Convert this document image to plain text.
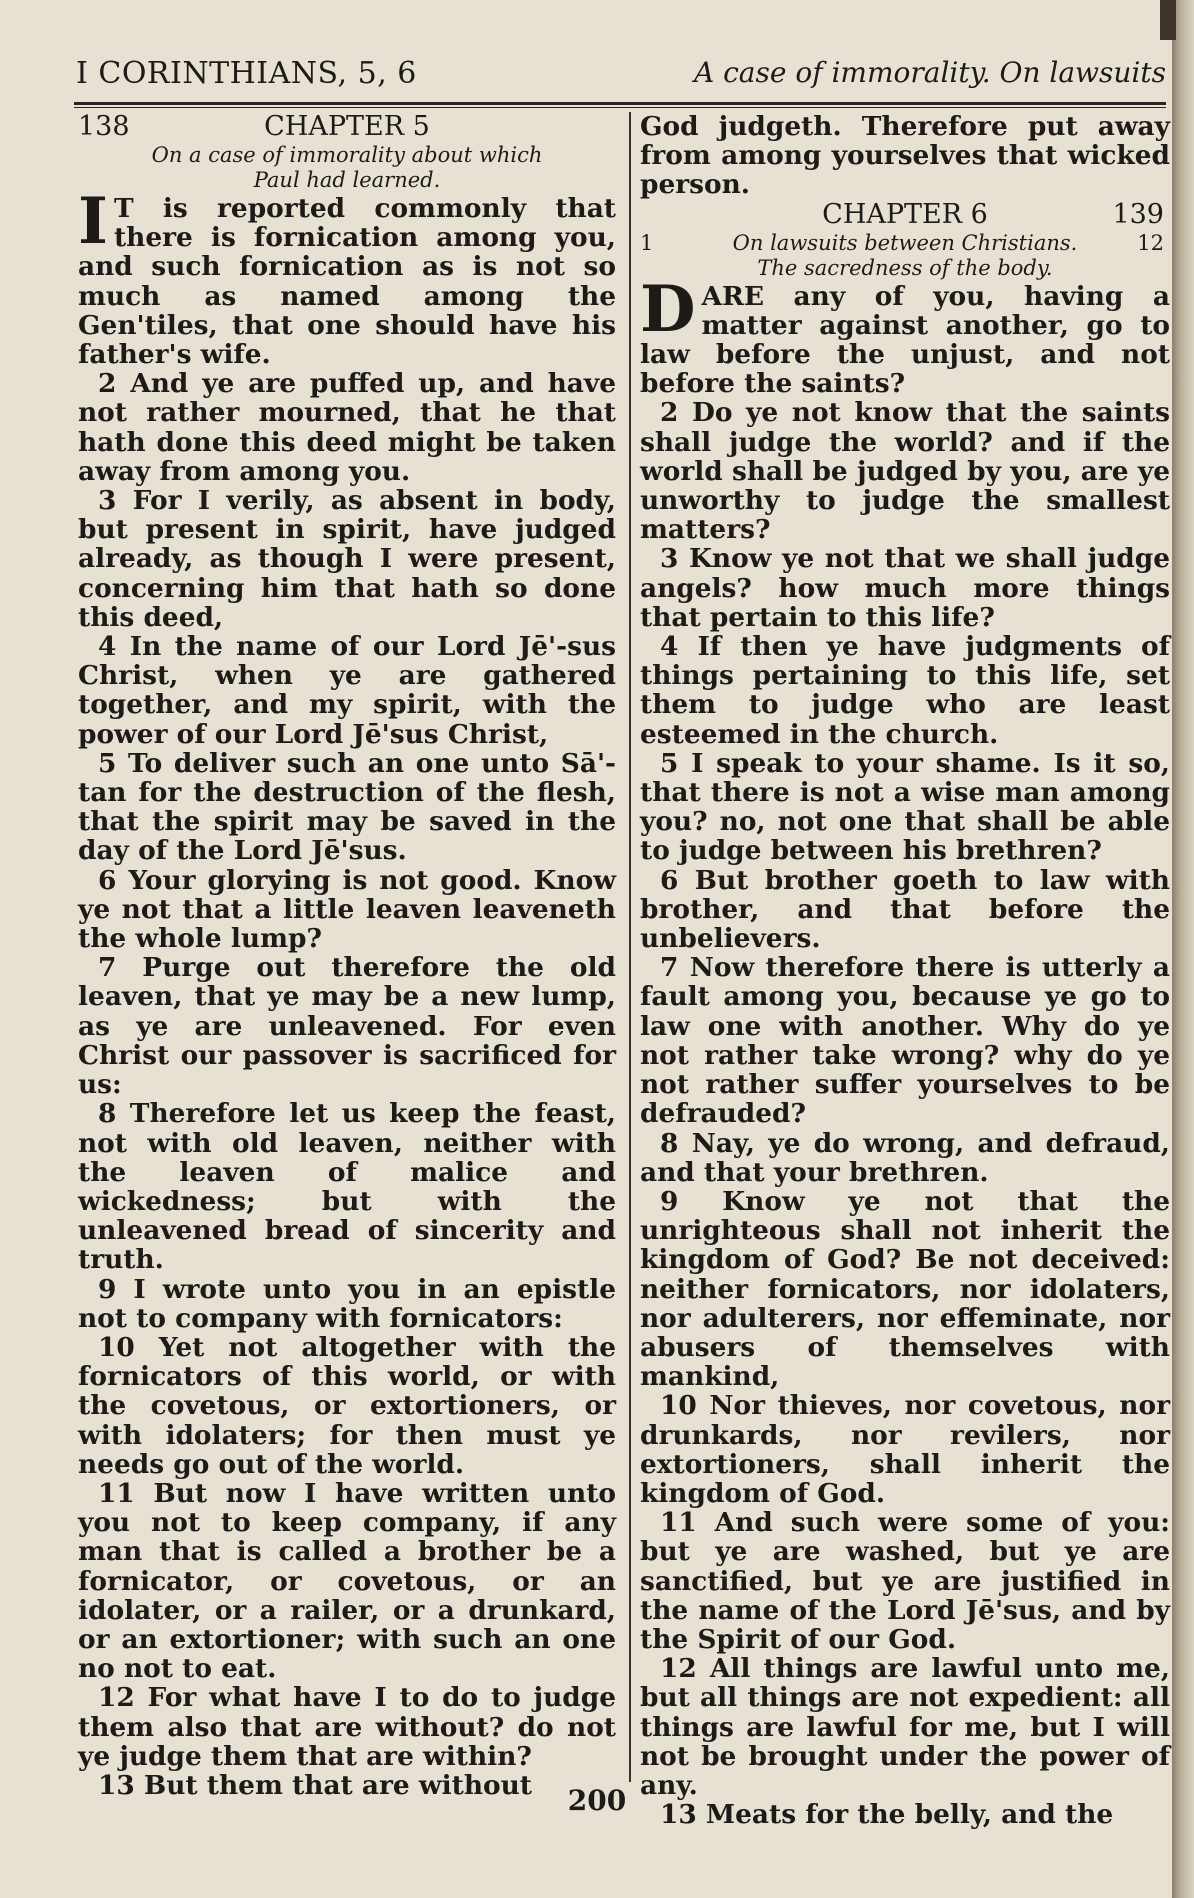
I CORINTHIANS, 5, 6	A case of immorality. On lawsuits
138	CHAPTER 5
On a case of immorality about which
Paul had learned.

I T is reported commonly that there is fornication among you, and such fornication as is not so much as named among the Gen'tiles, that one should have his father's wife.

2 And ye are puffed up, and have not rather mourned, that he that hath done this deed might be taken away from among you.

3 For I verily, as absent in body, but present in spirit, have judged already, as though I were present, concerning him that hath so done this deed,

4 In the name of our Lord Jē'-sus Christ, when ye are gathered together, and my spirit, with the power of our Lord Jē'sus Christ,

5 To deliver such an one unto Sā'-tan for the destruction of the flesh, that the spirit may be saved in the day of the Lord Jē'sus.

6 Your glorying is not good. Know ye not that a little leaven leaveneth the whole lump?

7 Purge out therefore the old leaven, that ye may be a new lump, as ye are unleavened. For even Christ our passover is sacrificed for us:

8 Therefore let us keep the feast, not with old leaven, neither with the leaven of malice and wickedness; but with the unleavened bread of sincerity and truth.

9 I wrote unto you in an epistle not to company with fornicators:

10 Yet not altogether with the fornicators of this world, or with the covetous, or extortioners, or with idolaters; for then must ye needs go out of the world.

11 But now I have written unto you not to keep company, if any man that is called a brother be a fornicator, or covetous, or an idolater, or a railer, or a drunkard, or an extortioner; with such an one no not to eat.

12 For what have I to do to judge them also that are without? do not ye judge them that are within?

13 But them that are without

God judgeth. Therefore put away from among yourselves that wicked person.

CHAPTER 6	139
1	On lawsuits between Christians.	12
The sacredness of the body.

DARE any of you, having a matter against another, go to law before the unjust, and not before the saints?

2 Do ye not know that the saints shall judge the world? and if the world shall be judged by you, are ye unworthy to judge the smallest matters?

3 Know ye not that we shall judge angels? how much more things that pertain to this life?

4 If then ye have judgments of things pertaining to this life, set them to judge who are least esteemed in the church.

5 I speak to your shame. Is it so, that there is not a wise man among you? no, not one that shall be able to judge between his brethren?

6 But brother goeth to law with brother, and that before the unbelievers.

7 Now therefore there is utterly a fault among you, because ye go to law one with another. Why do ye not rather take wrong? why do ye not rather suffer yourselves to be defrauded?

8 Nay, ye do wrong, and defraud, and that your brethren.

9 Know ye not that the unrighteous shall not inherit the kingdom of God? Be not deceived: neither fornicators, nor idolaters, nor adulterers, nor effeminate, nor abusers of themselves with mankind,

10 Nor thieves, nor covetous, nor drunkards, nor revilers, nor extortioners, shall inherit the kingdom of God.

11 And such were some of you: but ye are washed, but ye are sanctified, but ye are justified in the name of the Lord Jē'sus, and by the Spirit of our God.

12 All things are lawful unto me, but all things are not expedient: all things are lawful for me, but I will not be brought under the power of any.

13 Meats for the belly, and the

200
